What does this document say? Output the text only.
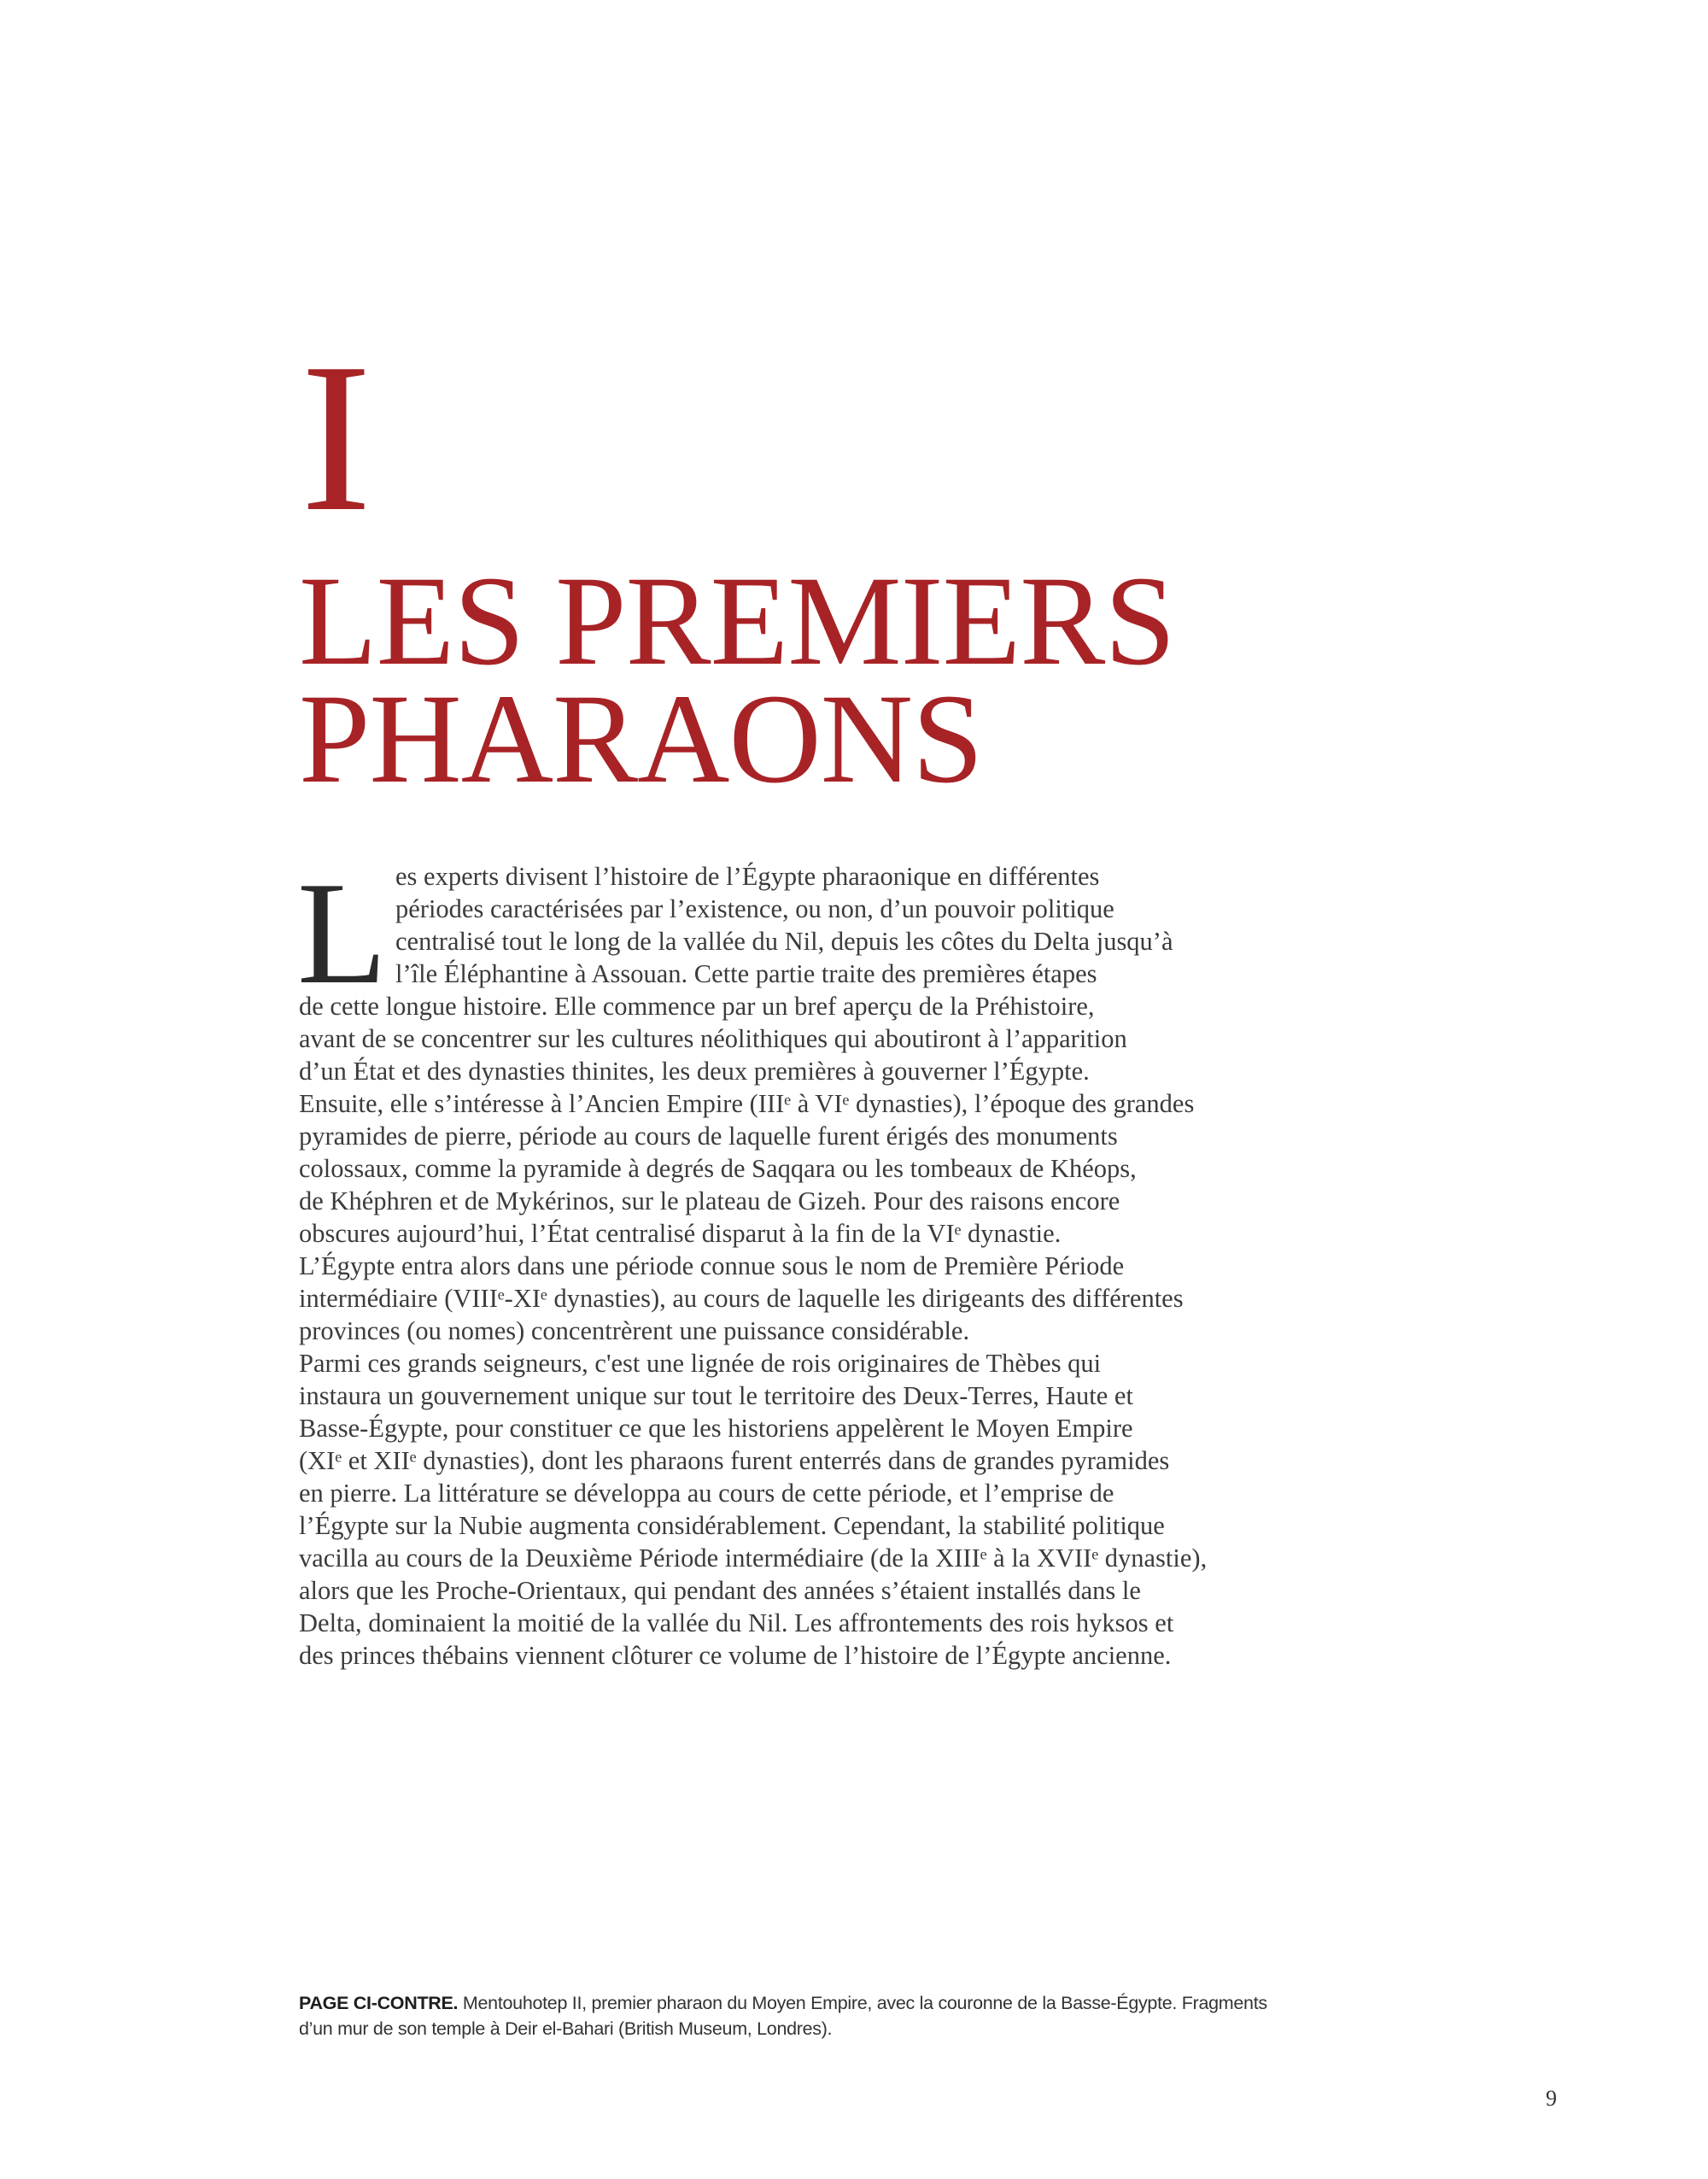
I
LES PREMIERS
PHARAONS
L es experts divisent l’histoire de l’Égypte pharaonique en différentes
périodes caractérisées par l’existence, ou non, d’un pouvoir politique
centralisé tout le long de la vallée du Nil, depuis les côtes du Delta jusqu’à
l’île Éléphantine à Assouan. Cette partie traite des premières étapes
de cette longue histoire. Elle commence par un bref aperçu de la Préhistoire,
avant de se concentrer sur les cultures néolithiques qui aboutiront à l’apparition
d’un État et des dynasties thinites, les deux premières à gouverner l’Égypte.
Ensuite, elle s’intéresse à l’Ancien Empire (IIIᵉ à VIᵉ dynasties), l’époque des grandes
pyramides de pierre, période au cours de laquelle furent érigés des monuments
colossaux, comme la pyramide à degrés de Saqqara ou les tombeaux de Khéops,
de Khéphren et de Mykérinos, sur le plateau de Gizeh. Pour des raisons encore
obscures aujourd’hui, l’État centralisé disparut à la fin de la VIᵉ dynastie.
L’Égypte entra alors dans une période connue sous le nom de Première Période
intermédiaire (VIIIᵉ-XIᵉ dynasties), au cours de laquelle les dirigeants des différentes
provinces (ou nomes) concentrèrent une puissance considérable.
Parmi ces grands seigneurs, c'est une lignée de rois originaires de Thèbes qui
instaura un gouvernement unique sur tout le territoire des Deux-Terres, Haute et
Basse-Égypte, pour constituer ce que les historiens appelèrent le Moyen Empire
(XIᵉ et XIIᵉ dynasties), dont les pharaons furent enterrés dans de grandes pyramides
en pierre. La littérature se développa au cours de cette période, et l’emprise de
l’Égypte sur la Nubie augmenta considérablement. Cependant, la stabilité politique
vacilla au cours de la Deuxième Période intermédiaire (de la XIIIᵉ à la XVIIᵉ dynastie),
alors que les Proche-Orientaux, qui pendant des années s’étaient installés dans le
Delta, dominaient la moitié de la vallée du Nil. Les affrontements des rois hyksos et
des princes thébains viennent clôturer ce volume de l’histoire de l’Égypte ancienne.
PAGE CI-CONTRE. Mentouhotep II, premier pharaon du Moyen Empire, avec la couronne de la Basse-Égypte. Fragments
d’un mur de son temple à Deir el-Bahari (British Museum, Londres).
9
